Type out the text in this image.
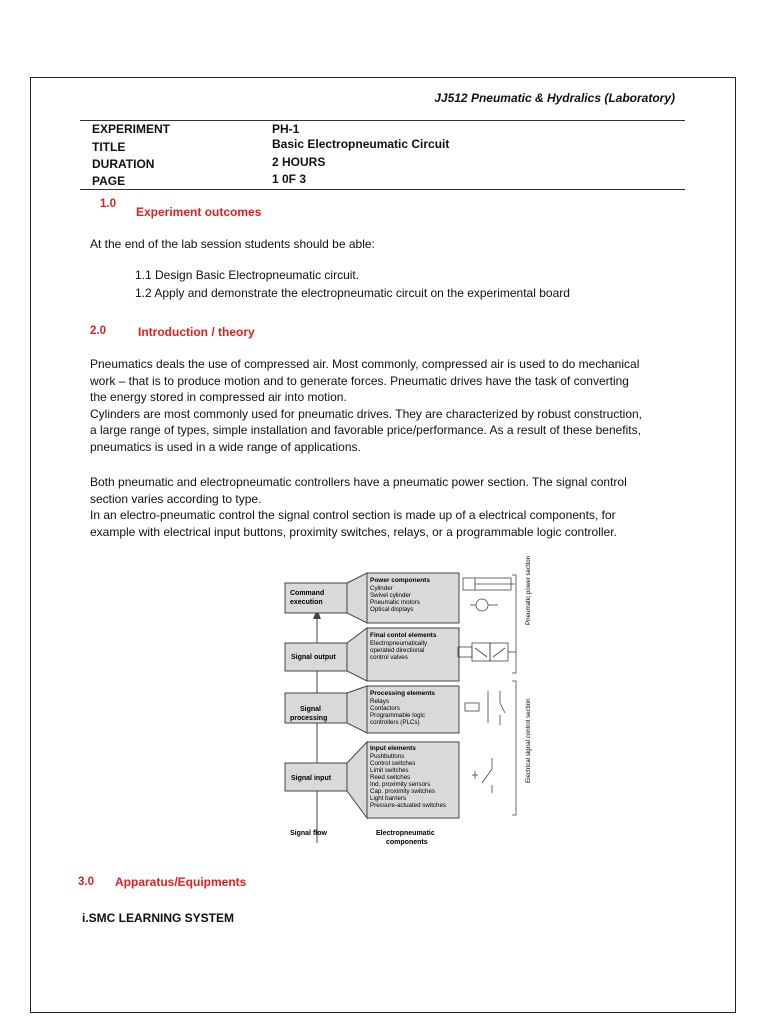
JJ512 Pneumatic & Hydralics (Laboratory)
EXPERIMENT	PH-1
TITLE	Basic Electropneumatic Circuit
DURATION	2 HOURS
PAGE	1 0F 3
1.0
Experiment outcomes

At the end of the lab session students should be able:

1.1 Design Basic Electropneumatic circuit.
1.2 Apply and demonstrate the electropneumatic circuit on the experimental board
2.0	Introduction / theory

Pneumatics deals the use of compressed air. Most commonly, compressed air is used to do mechanical

work – that is to produce motion and to generate forces. Pneumatic drives have the task of converting

the energy stored in compressed air into motion.

Cylinders are most commonly used for pneumatic drives. They are characterized by robust construction,

a large range of types, simple installation and favorable price/performance. As a result of these benefits,

pneumatics is used in a wide range of applications.

Both pneumatic and electropneumatic controllers have a pneumatic power section. The signal control

section varies according to type.

In an electro-pneumatic control the signal control section is made up of a electrical components, for

example with electrical input buttons, proximity switches, relays, or a programmable logic controller.

Command execution
Signal output
Signal processing
Signal input
Power components
Cylinder
Swivel cylinder
Pneumatic motors
Optical displays
Final contol elements
Electropneumatically
operated directional
control valves
Processing elements
Relays
Contactors
Programmable logic
controllers (PLCs)
Input elements
Pushbuttons
Control switches
Limit switches
Reed switches
Ind. proximity sensors
Cap. proximity switches
Light barriers
Pressure-actuated switches
Pneumatic power section
Electrical signal control section
Signal flow	Electropneumatic
components
3.0 Apparatus/Equipments
i.SMC LEARNING SYSTEM
